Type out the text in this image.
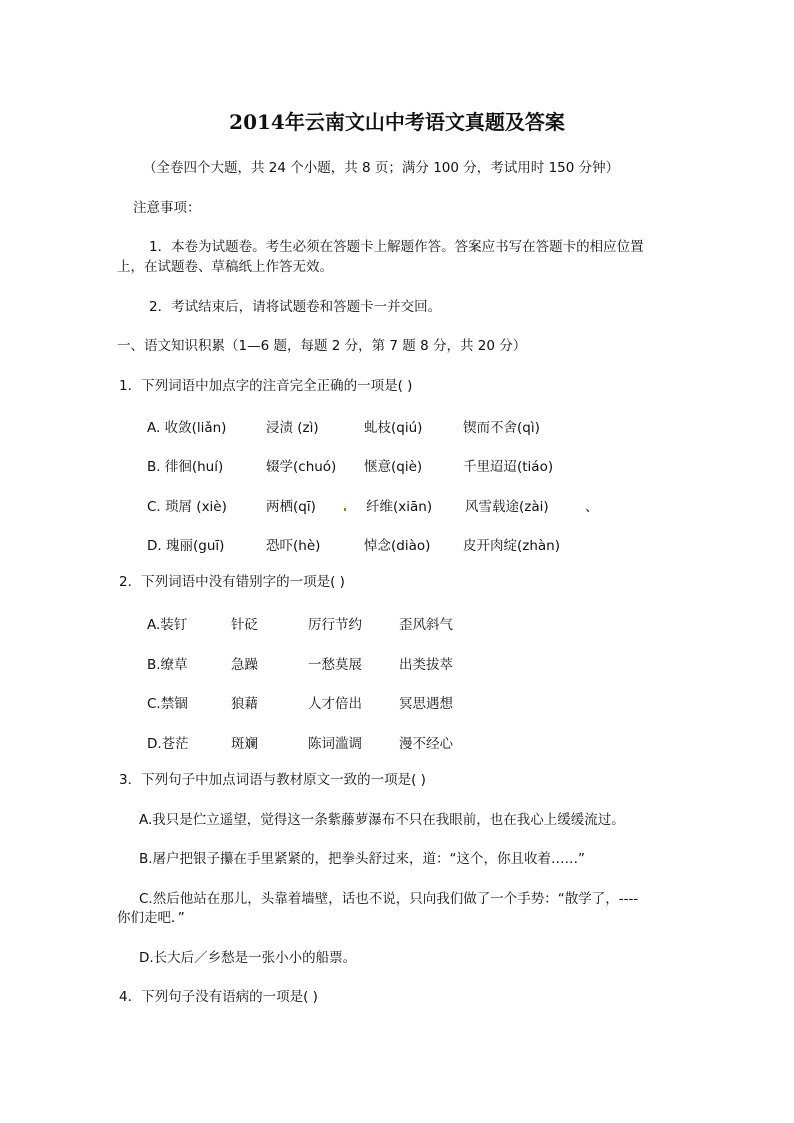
2014年云南文山中考语文真题及答案
（全卷四个大题，共 24 个小题，共 8 页；满分 100 分，考试用时 150 分钟）
注意事项：
1．本卷为试题卷。考生必须在答题卡上解题作答。答案应书写在答题卡的相应位置
上，在试题卷、草稿纸上作答无效。
2．考试结束后，请将试题卷和答题卡一并交回。
一、语文知识积累（1—6 题，每题 2 分，第 7 题 8 分，共 20 分）
1．下列词语中加点字的注音完全正确的一项是( )
A. 收敛(liǎn)	浸渍 (zì)	虬枝(qiú)	锲而不舍(qì)
B. 徘徊(huí)	辍学(chuó) 惬意(qiè)	千里迢迢(tiáo)
C. 琐屑 (xiè)	两栖(qī)	纤维(xiān) 风雪载途(zài)	、
D. 瑰丽(guī)	恐吓(hè)	悼念(diào) 皮开肉绽(zhàn)
2．下列词语中没有错别字的一项是( )
A.装钉	针砭	厉行节约	歪风斜气
B.缭草	急躁	一愁莫展	出类拔萃
C.禁锢	狼藉	人才倍出	冥思遇想
D.苍茫	斑斓	陈词滥调	漫不经心
3．下列句子中加点词语与教材原文一致的一项是( )
A.我只是伫立遥望，觉得这一条紫藤萝瀑布不只在我眼前，也在我心上缓缓流过。
B.屠户把银子攥在手里紧紧的，把拳头舒过来，道：“这个，你且收着……”
C.然后他站在那儿，头靠着墙壁，话也不说，只向我们做了一个手势：“散学了，----
你们走吧．”
D.长大后／乡愁是一张小小的船票。
4．下列句子没有语病的一项是( )
